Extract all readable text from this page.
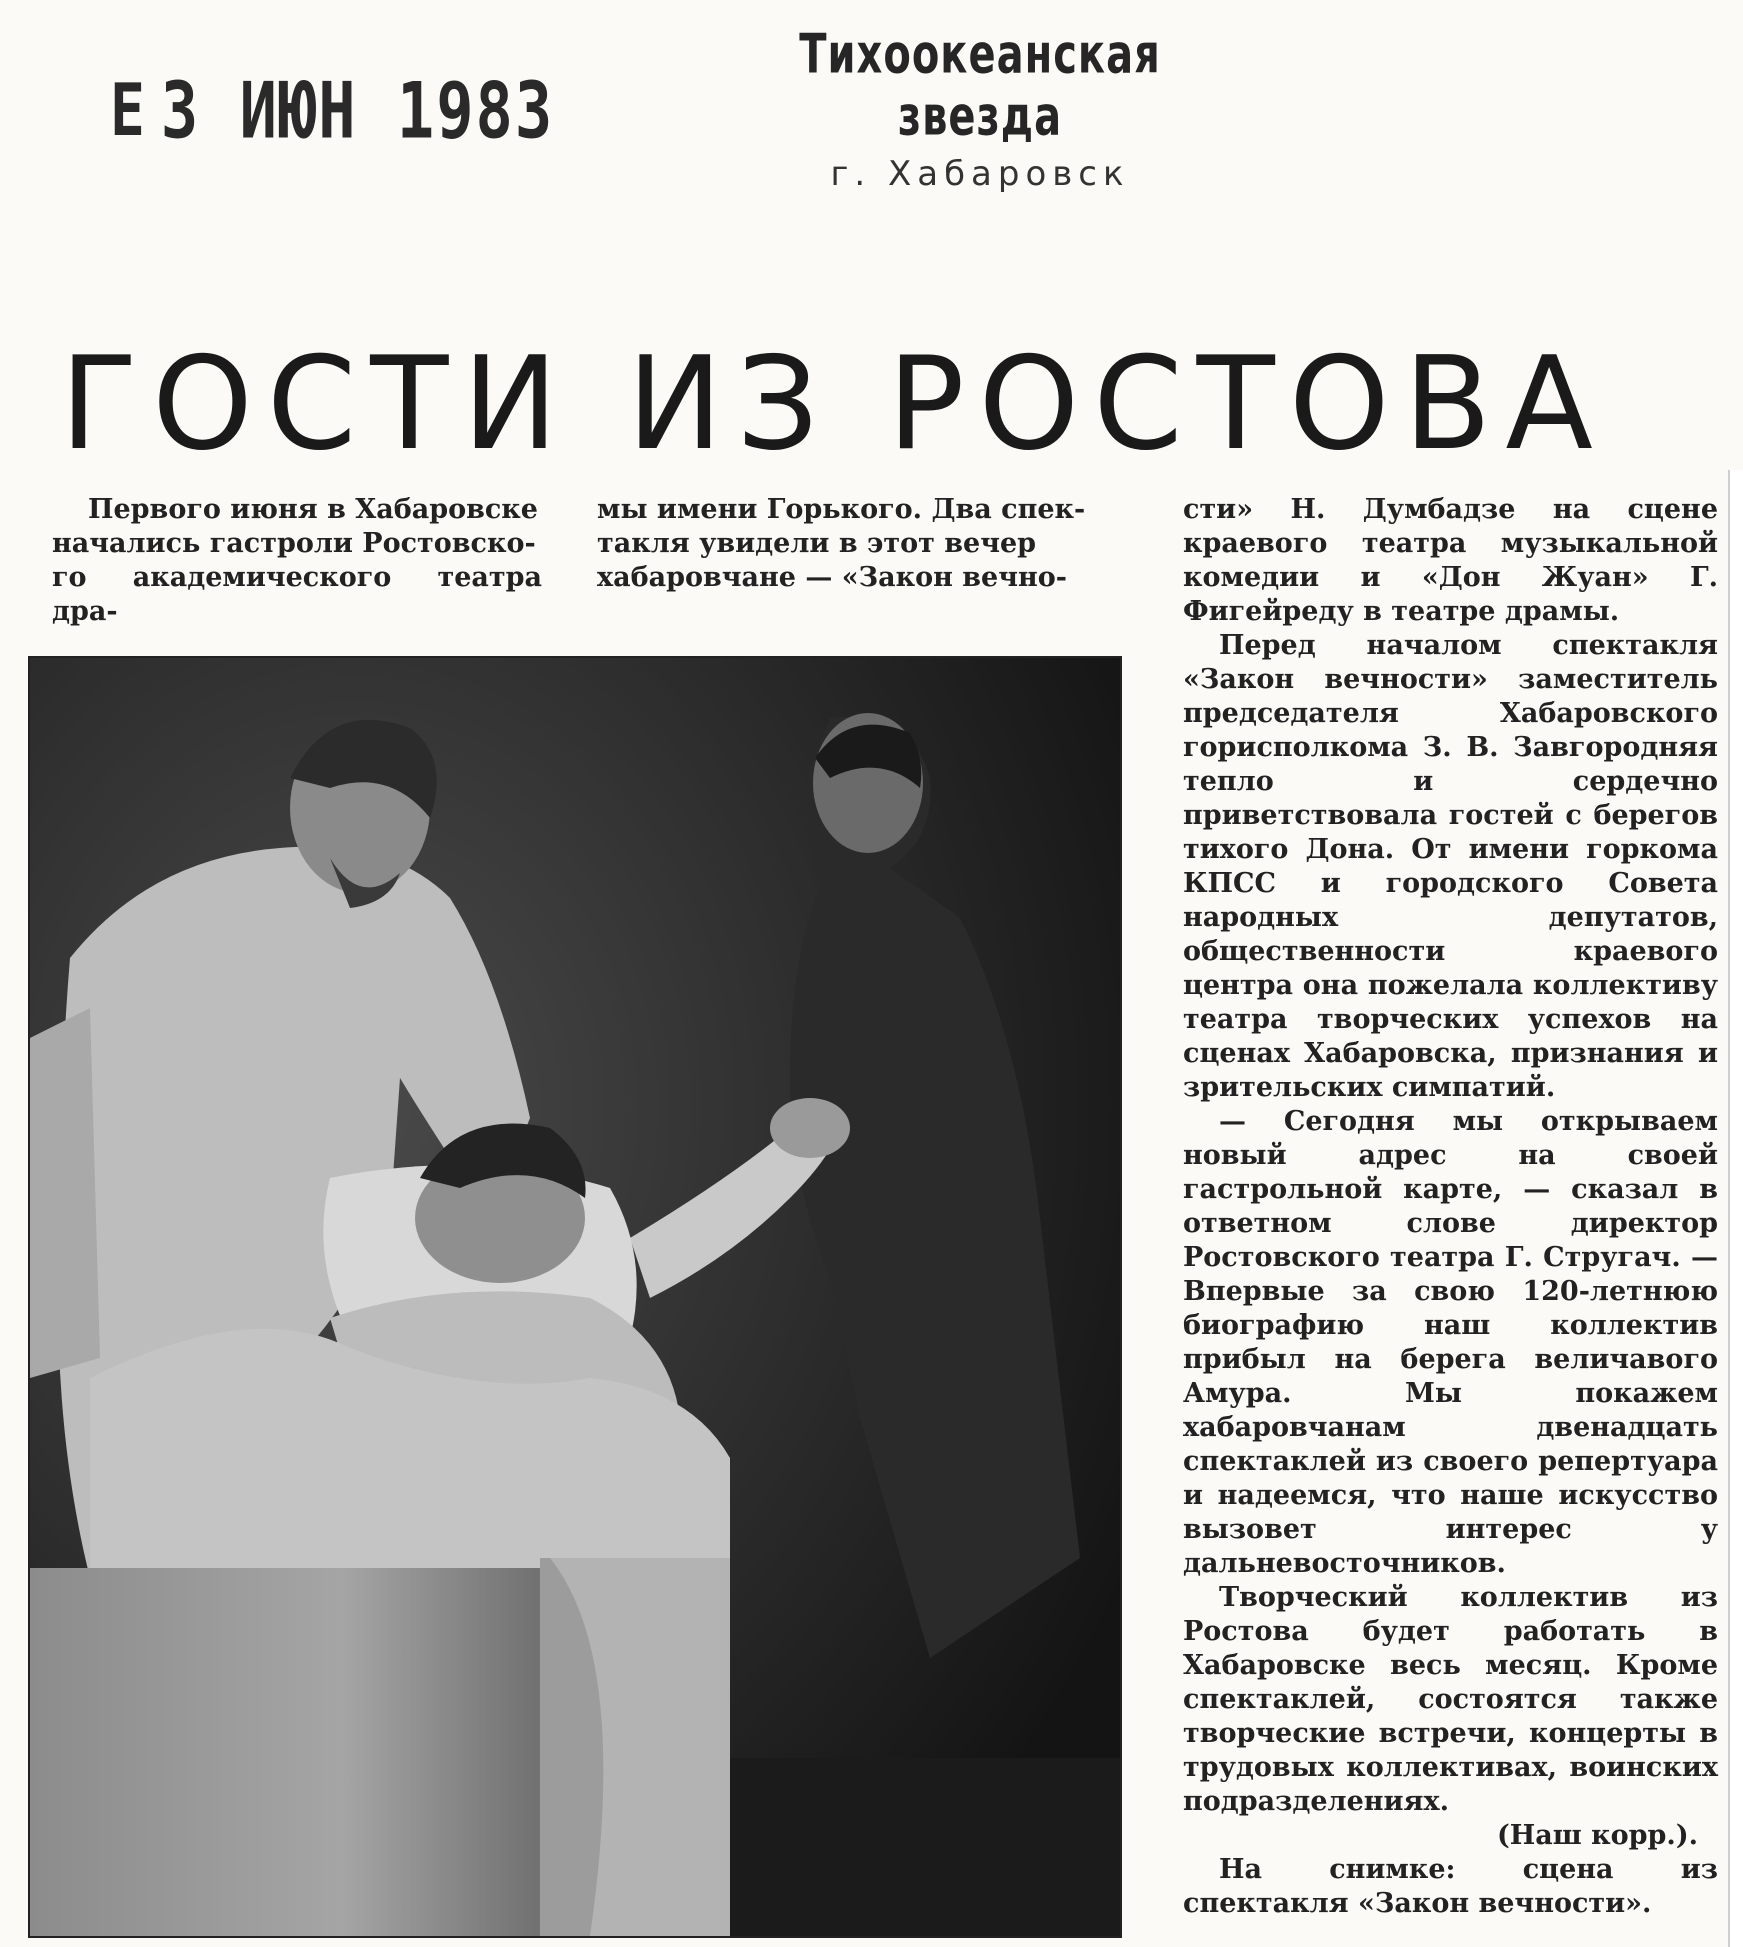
Е 3 ИЮН 1983
Тихоокеанская звезда
г. Хабаровск
ГОСТИ ИЗ РОСТОВА

Первого июня в Хабаровске

начались гастроли Ростовско-

го академического театра дра-

мы имени Горького. Два спек-

такля увидели в этот вечер

хабаровчане — «Закон вечно-

сти» Н. Думбадзе на сцене краевого театра музыкальной комедии и «Дон Жуан» Г. Фигейреду в театре драмы.

Перед началом спектакля «Закон вечности» заместитель председателя Хабаровского горисполкома З. В. Завгородняя тепло и сердечно приветствовала гостей с берегов тихого Дона. От имени горкома КПСС и городского Совета народных депутатов, общественности краевого центра она пожелала коллективу театра творческих успехов на сценах Хабаровска, признания и зрительских симпатий.

— Сегодня мы открываем новый адрес на своей гастрольной карте, — сказал в ответном слове директор Ростовского театра Г. Стругач. — Впервые за свою 120-летнюю биографию наш коллектив прибыл на берега величавого Амура. Мы покажем хабаровчанам двенадцать спектаклей из своего репертуара и надеемся, что наше искусство вызовет интерес у дальневосточников.

Творческий коллектив из Ростова будет работать в Хабаровске весь месяц. Кроме спектаклей, состоятся также творческие встречи, концерты в трудовых коллективах, воинских подразделениях.

(Наш корр.).

На снимке: сцена из спектакля «Закон вечности».
